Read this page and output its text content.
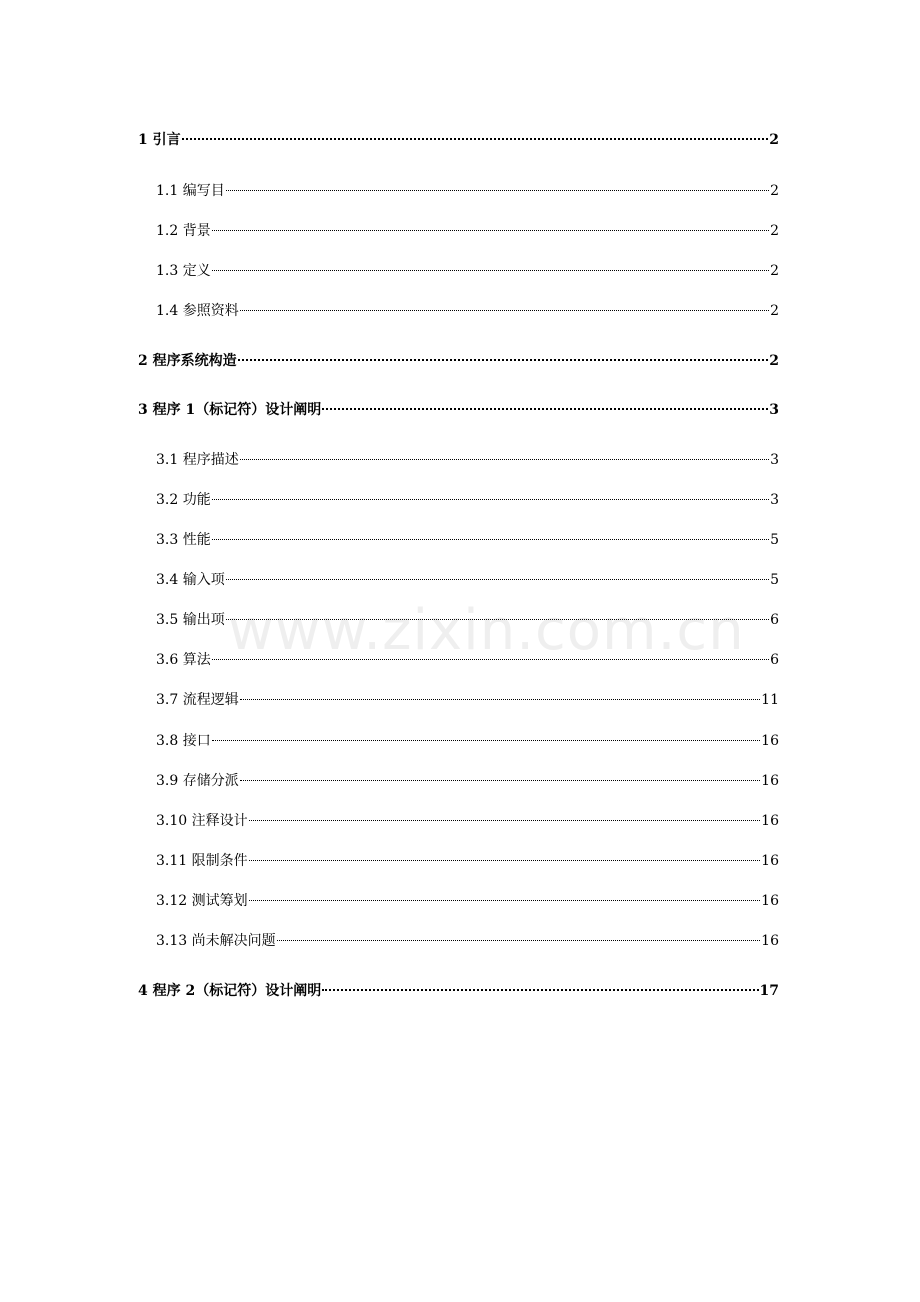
1 引言	2
1.1 编写目	2
1.2 背景	2
1.3 定义	2
1.4 参照资料	2
2 程序系统构造	2
3 程序 1（标记符）设计阐明	3
3.1 程序描述	3
3.2 功能	3
3.3 性能	5
3.4 输入项	5
3.5 输出项	6
3.6 算法	6
3.7 流程逻辑	11
3.8 接口	16
3.9 存储分派	16
3.10 注释设计	16
3.11 限制条件	16
3.12 测试筹划	16
3.13 尚未解决问题	16
4 程序 2（标记符）设计阐明	17
www.zixin.com.cn
